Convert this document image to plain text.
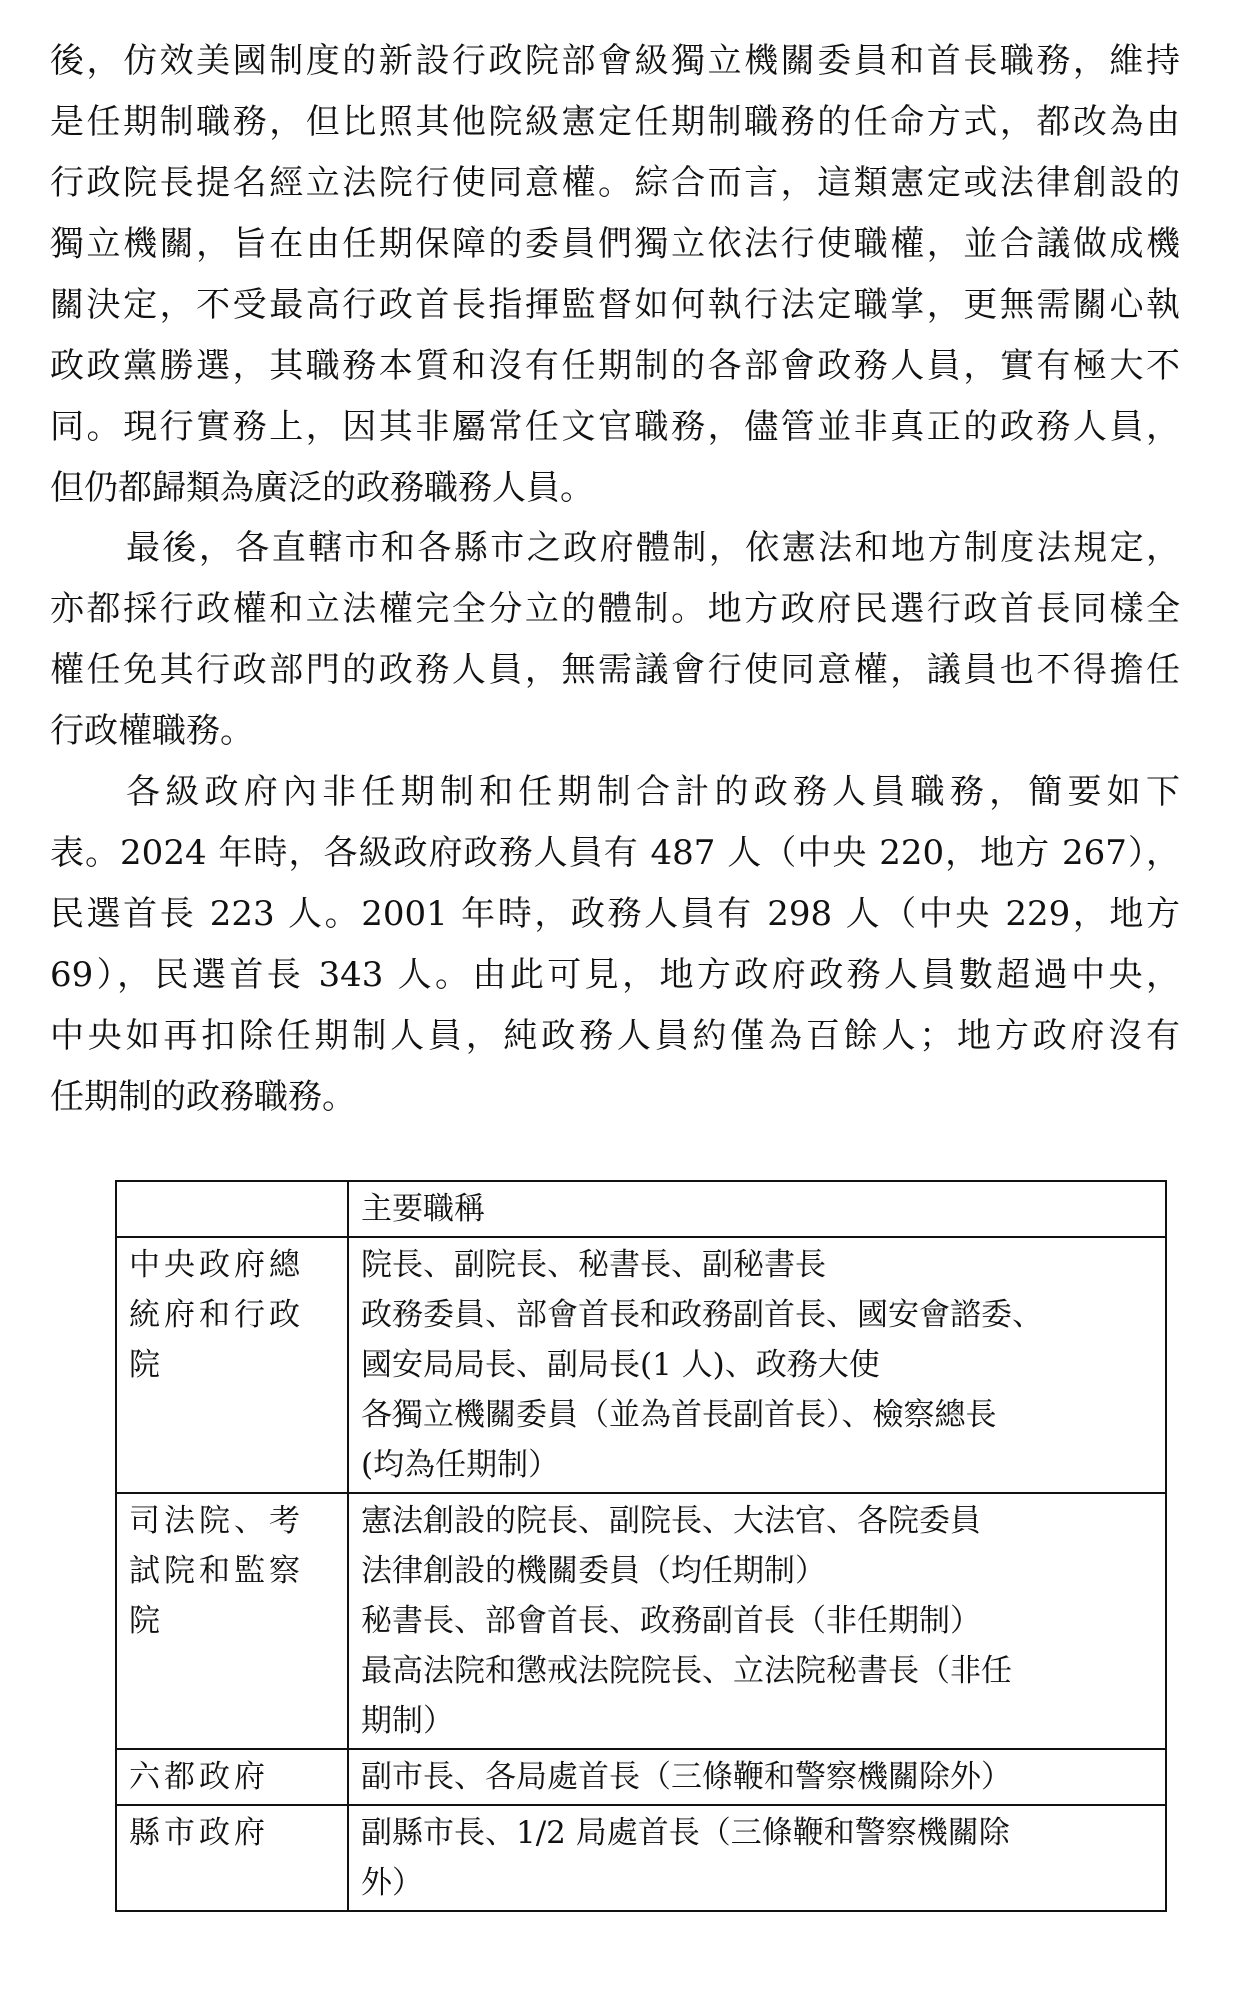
後，仿效美國制度的新設行政院部會級獨立機關委員和首長職務，維持
是任期制職務，但比照其他院級憲定任期制職務的任命方式，都改為由
行政院長提名經立法院行使同意權。綜合而言，這類憲定或法律創設的
獨立機關，旨在由任期保障的委員們獨立依法行使職權，並合議做成機
關決定，不受最高行政首長指揮監督如何執行法定職掌，更無需關心執
政政黨勝選，其職務本質和沒有任期制的各部會政務人員，實有極大不
同。現行實務上，因其非屬常任文官職務，儘管並非真正的政務人員，
但仍都歸類為廣泛的政務職務人員。
最後，各直轄市和各縣市之政府體制，依憲法和地方制度法規定，
亦都採行政權和立法權完全分立的體制。地方政府民選行政首長同樣全
權任免其行政部門的政務人員，無需議會行使同意權，議員也不得擔任
行政權職務。
各級政府內非任期制和任期制合計的政務人員職務，簡要如下
表。2024 年時，各級政府政務人員有 487 人（中央 220，地方 267），
民選首長 223 人。2001 年時，政務人員有 298 人（中央 229，地方
69），民選首長 343 人。由此可見，地方政府政務人員數超過中央，
中央如再扣除任期制人員，純政務人員約僅為百餘人；地方政府沒有
任期制的政務職務。
	主要職稱
中央政府總統府和行政院	院長、副院長、秘書長、副秘書長
政務委員、部會首長和政務副首長、國安會諮委、
國安局局長、副局長(1 人)、政務大使
各獨立機關委員（並為首長副首長）、檢察總長
(均為任期制）

司法院、考試院和監察院	憲法創設的院長、副院長、大法官、各院委員
法律創設的機關委員（均任期制）
秘書長、部會首長、政務副首長（非任期制）
最高法院和懲戒法院院長、立法院秘書長（非任
期制）

六都政府	副市長、各局處首長（三條鞭和警察機關除外）

縣市政府	副縣市長、1/2 局處首長（三條鞭和警察機關除
外）
